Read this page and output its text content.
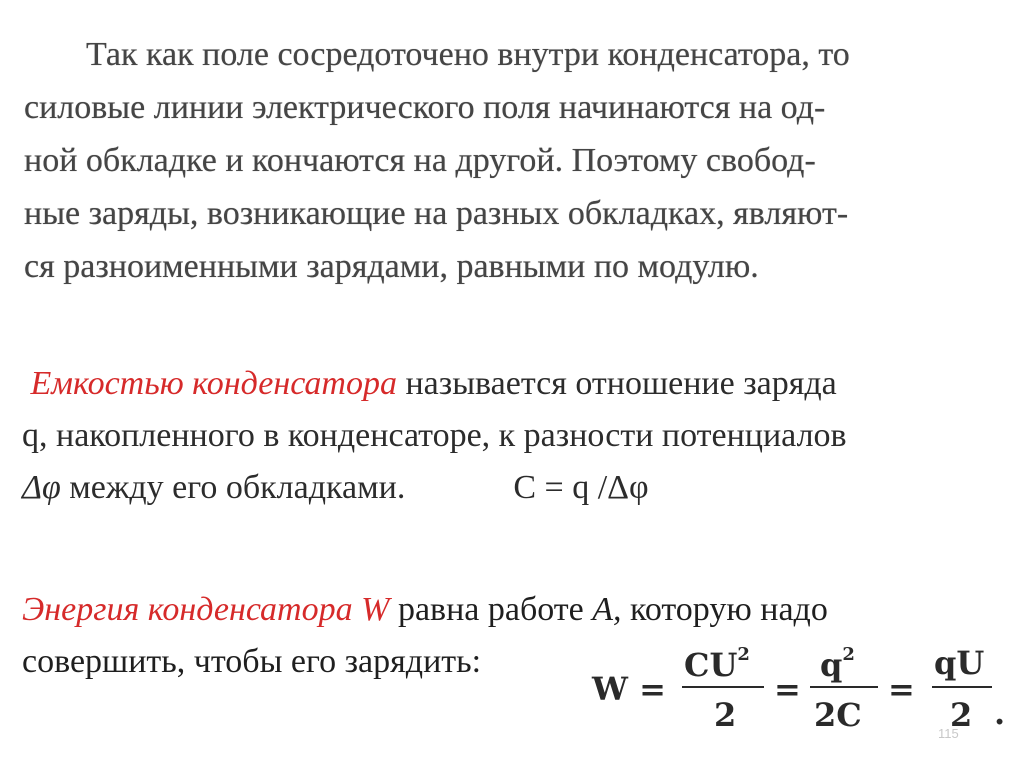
Так как поле сосредоточено внутри конденсатора, то
силовые линии электрического поля начинаются на од-
ной обкладке и кончаются на другой. Поэтому свобод-
ные заряды, возникающие на разных обкладках, являют-
ся разноименными зарядами, равными по модулю.
Емкостью конденсатора называется отношение заряда
q, накопленного в конденсаторе, к разности потенциалов
Δφ между его обкладками.	C = q /Δφ
Энергия конденсатора W равна работе A, которую надо
совершить, чтобы его зарядить:
W =
$CU^2$
2
=
$q^2$
2C
=
qU
2 .
115
